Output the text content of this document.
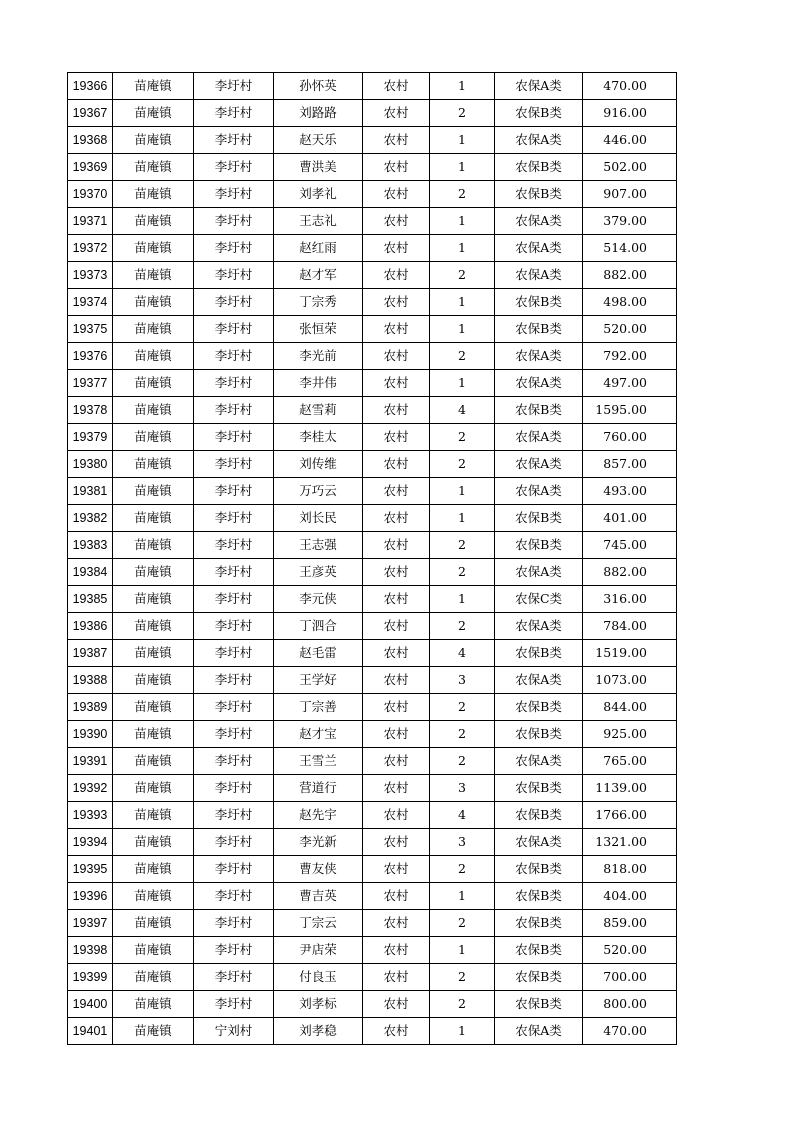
19366	苗庵镇	李圩村	孙怀英	农村	1	农保A类	470.00
19367	苗庵镇	李圩村	刘路路	农村	2	农保B类	916.00
19368	苗庵镇	李圩村	赵天乐	农村	1	农保A类	446.00
19369	苗庵镇	李圩村	曹洪美	农村	1	农保B类	502.00
19370	苗庵镇	李圩村	刘孝礼	农村	2	农保B类	907.00
19371	苗庵镇	李圩村	王志礼	农村	1	农保A类	379.00
19372	苗庵镇	李圩村	赵红雨	农村	1	农保A类	514.00
19373	苗庵镇	李圩村	赵才军	农村	2	农保A类	882.00
19374	苗庵镇	李圩村	丁宗秀	农村	1	农保B类	498.00
19375	苗庵镇	李圩村	张恒荣	农村	1	农保B类	520.00
19376	苗庵镇	李圩村	李光前	农村	2	农保A类	792.00
19377	苗庵镇	李圩村	李井伟	农村	1	农保A类	497.00
19378	苗庵镇	李圩村	赵雪莉	农村	4	农保B类	1595.00
19379	苗庵镇	李圩村	李桂太	农村	2	农保A类	760.00
19380	苗庵镇	李圩村	刘传维	农村	2	农保A类	857.00
19381	苗庵镇	李圩村	万巧云	农村	1	农保A类	493.00
19382	苗庵镇	李圩村	刘长民	农村	1	农保B类	401.00
19383	苗庵镇	李圩村	王志强	农村	2	农保B类	745.00
19384	苗庵镇	李圩村	王彦英	农村	2	农保A类	882.00
19385	苗庵镇	李圩村	李元侠	农村	1	农保C类	316.00
19386	苗庵镇	李圩村	丁泗合	农村	2	农保A类	784.00
19387	苗庵镇	李圩村	赵毛雷	农村	4	农保B类	1519.00
19388	苗庵镇	李圩村	王学好	农村	3	农保A类	1073.00
19389	苗庵镇	李圩村	丁宗善	农村	2	农保B类	844.00
19390	苗庵镇	李圩村	赵才宝	农村	2	农保B类	925.00
19391	苗庵镇	李圩村	王雪兰	农村	2	农保A类	765.00
19392	苗庵镇	李圩村	营道行	农村	3	农保B类	1139.00
19393	苗庵镇	李圩村	赵先宇	农村	4	农保B类	1766.00
19394	苗庵镇	李圩村	李光新	农村	3	农保A类	1321.00
19395	苗庵镇	李圩村	曹友侠	农村	2	农保B类	818.00
19396	苗庵镇	李圩村	曹吉英	农村	1	农保B类	404.00
19397	苗庵镇	李圩村	丁宗云	农村	2	农保B类	859.00
19398	苗庵镇	李圩村	尹店荣	农村	1	农保B类	520.00
19399	苗庵镇	李圩村	付良玉	农村	2	农保B类	700.00
19400	苗庵镇	李圩村	刘孝标	农村	2	农保B类	800.00
19401	苗庵镇	宁刘村	刘孝稳	农村	1	农保A类	470.00
